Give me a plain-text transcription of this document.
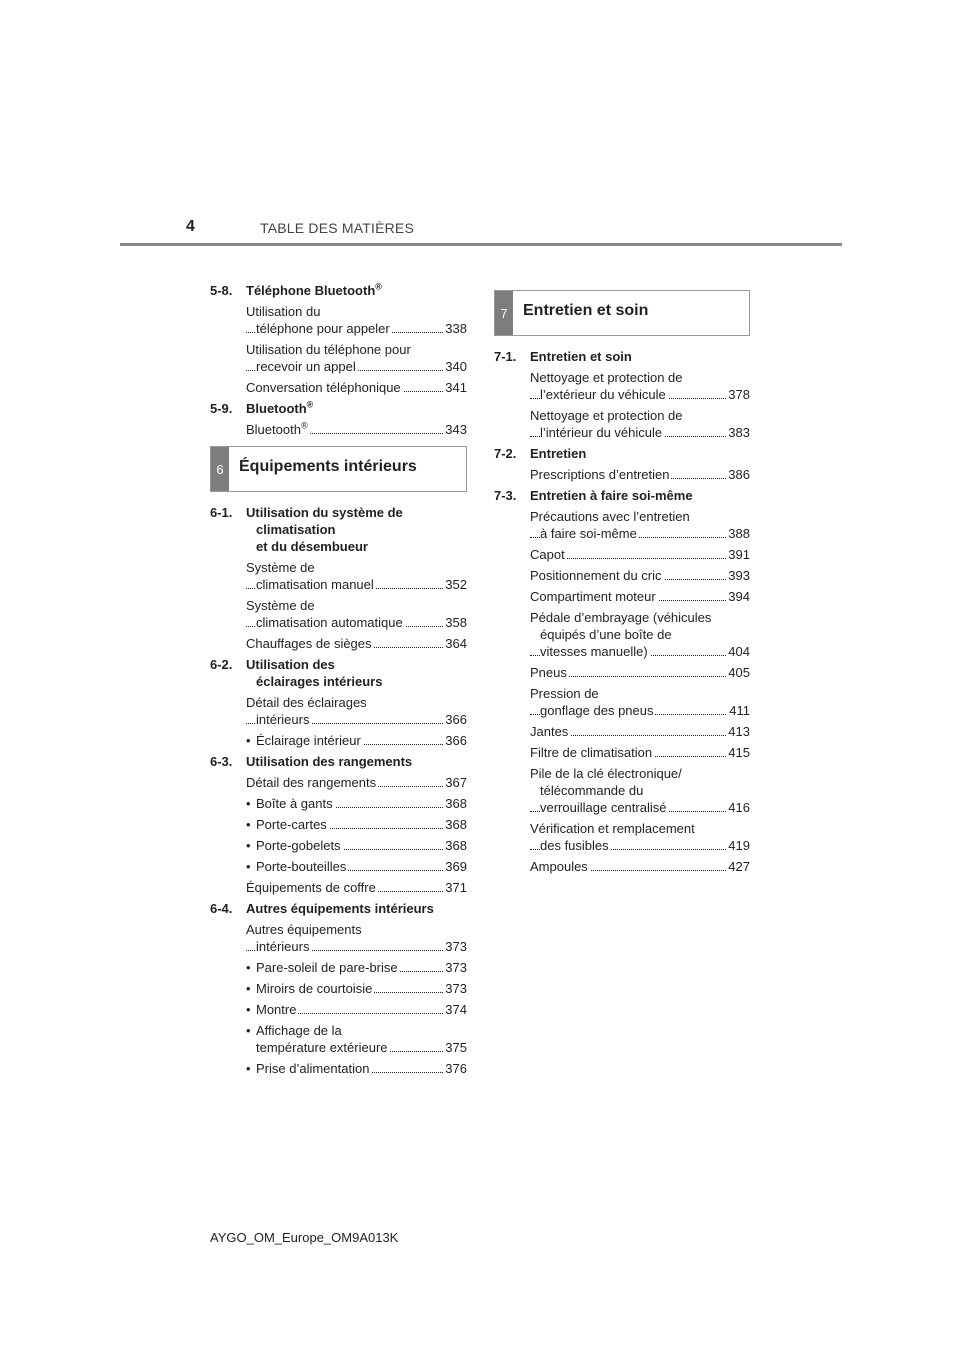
4	TABLE DES MATIÈRES
5-8. Téléphone Bluetooth®
Utilisation du
téléphone pour appeler	338
Utilisation du téléphone pour
recevoir un appel	340
Conversation téléphonique	341
5-9. Bluetooth®
Bluetooth®	343
6 Équipements intérieurs
6-1. Utilisation du système de
climatisation
et du désembueur
Système de
climatisation manuel	352
Système de
climatisation automatique	358
Chauffages de sièges	364
6-2. Utilisation des
éclairages intérieurs
Détail des éclairages
intérieurs	366
• Éclairage intérieur	366
6-3. Utilisation des rangements
Détail des rangements	367
• Boîte à gants	368
• Porte-cartes	368
• Porte-gobelets	368
• Porte-bouteilles	369
Équipements de coffre	371
6-4. Autres équipements intérieurs
Autres équipements
intérieurs	373
• Pare-soleil de pare-brise	373
• Miroirs de courtoisie	373
• Montre	374
• Affichage de la
température extérieure	375
• Prise d’alimentation	376
7 Entretien et soin
7-1. Entretien et soin
Nettoyage et protection de
l’extérieur du véhicule	378
Nettoyage et protection de
l’intérieur du véhicule	383
7-2. Entretien
Prescriptions d’entretien	386
7-3. Entretien à faire soi-même
Précautions avec l’entretien
à faire soi-même	388
Capot	391
Positionnement du cric	393
Compartiment moteur	394
Pédale d’embrayage (véhicules
équipés d’une boîte de
vitesses manuelle)	404
Pneus	405
Pression de
gonflage des pneus	411
Jantes	413
Filtre de climatisation	415
Pile de la clé électronique/
télécommande du
verrouillage centralisé	416
Vérification et remplacement
des fusibles	419
Ampoules	427
AYGO_OM_Europe_OM9A013K
